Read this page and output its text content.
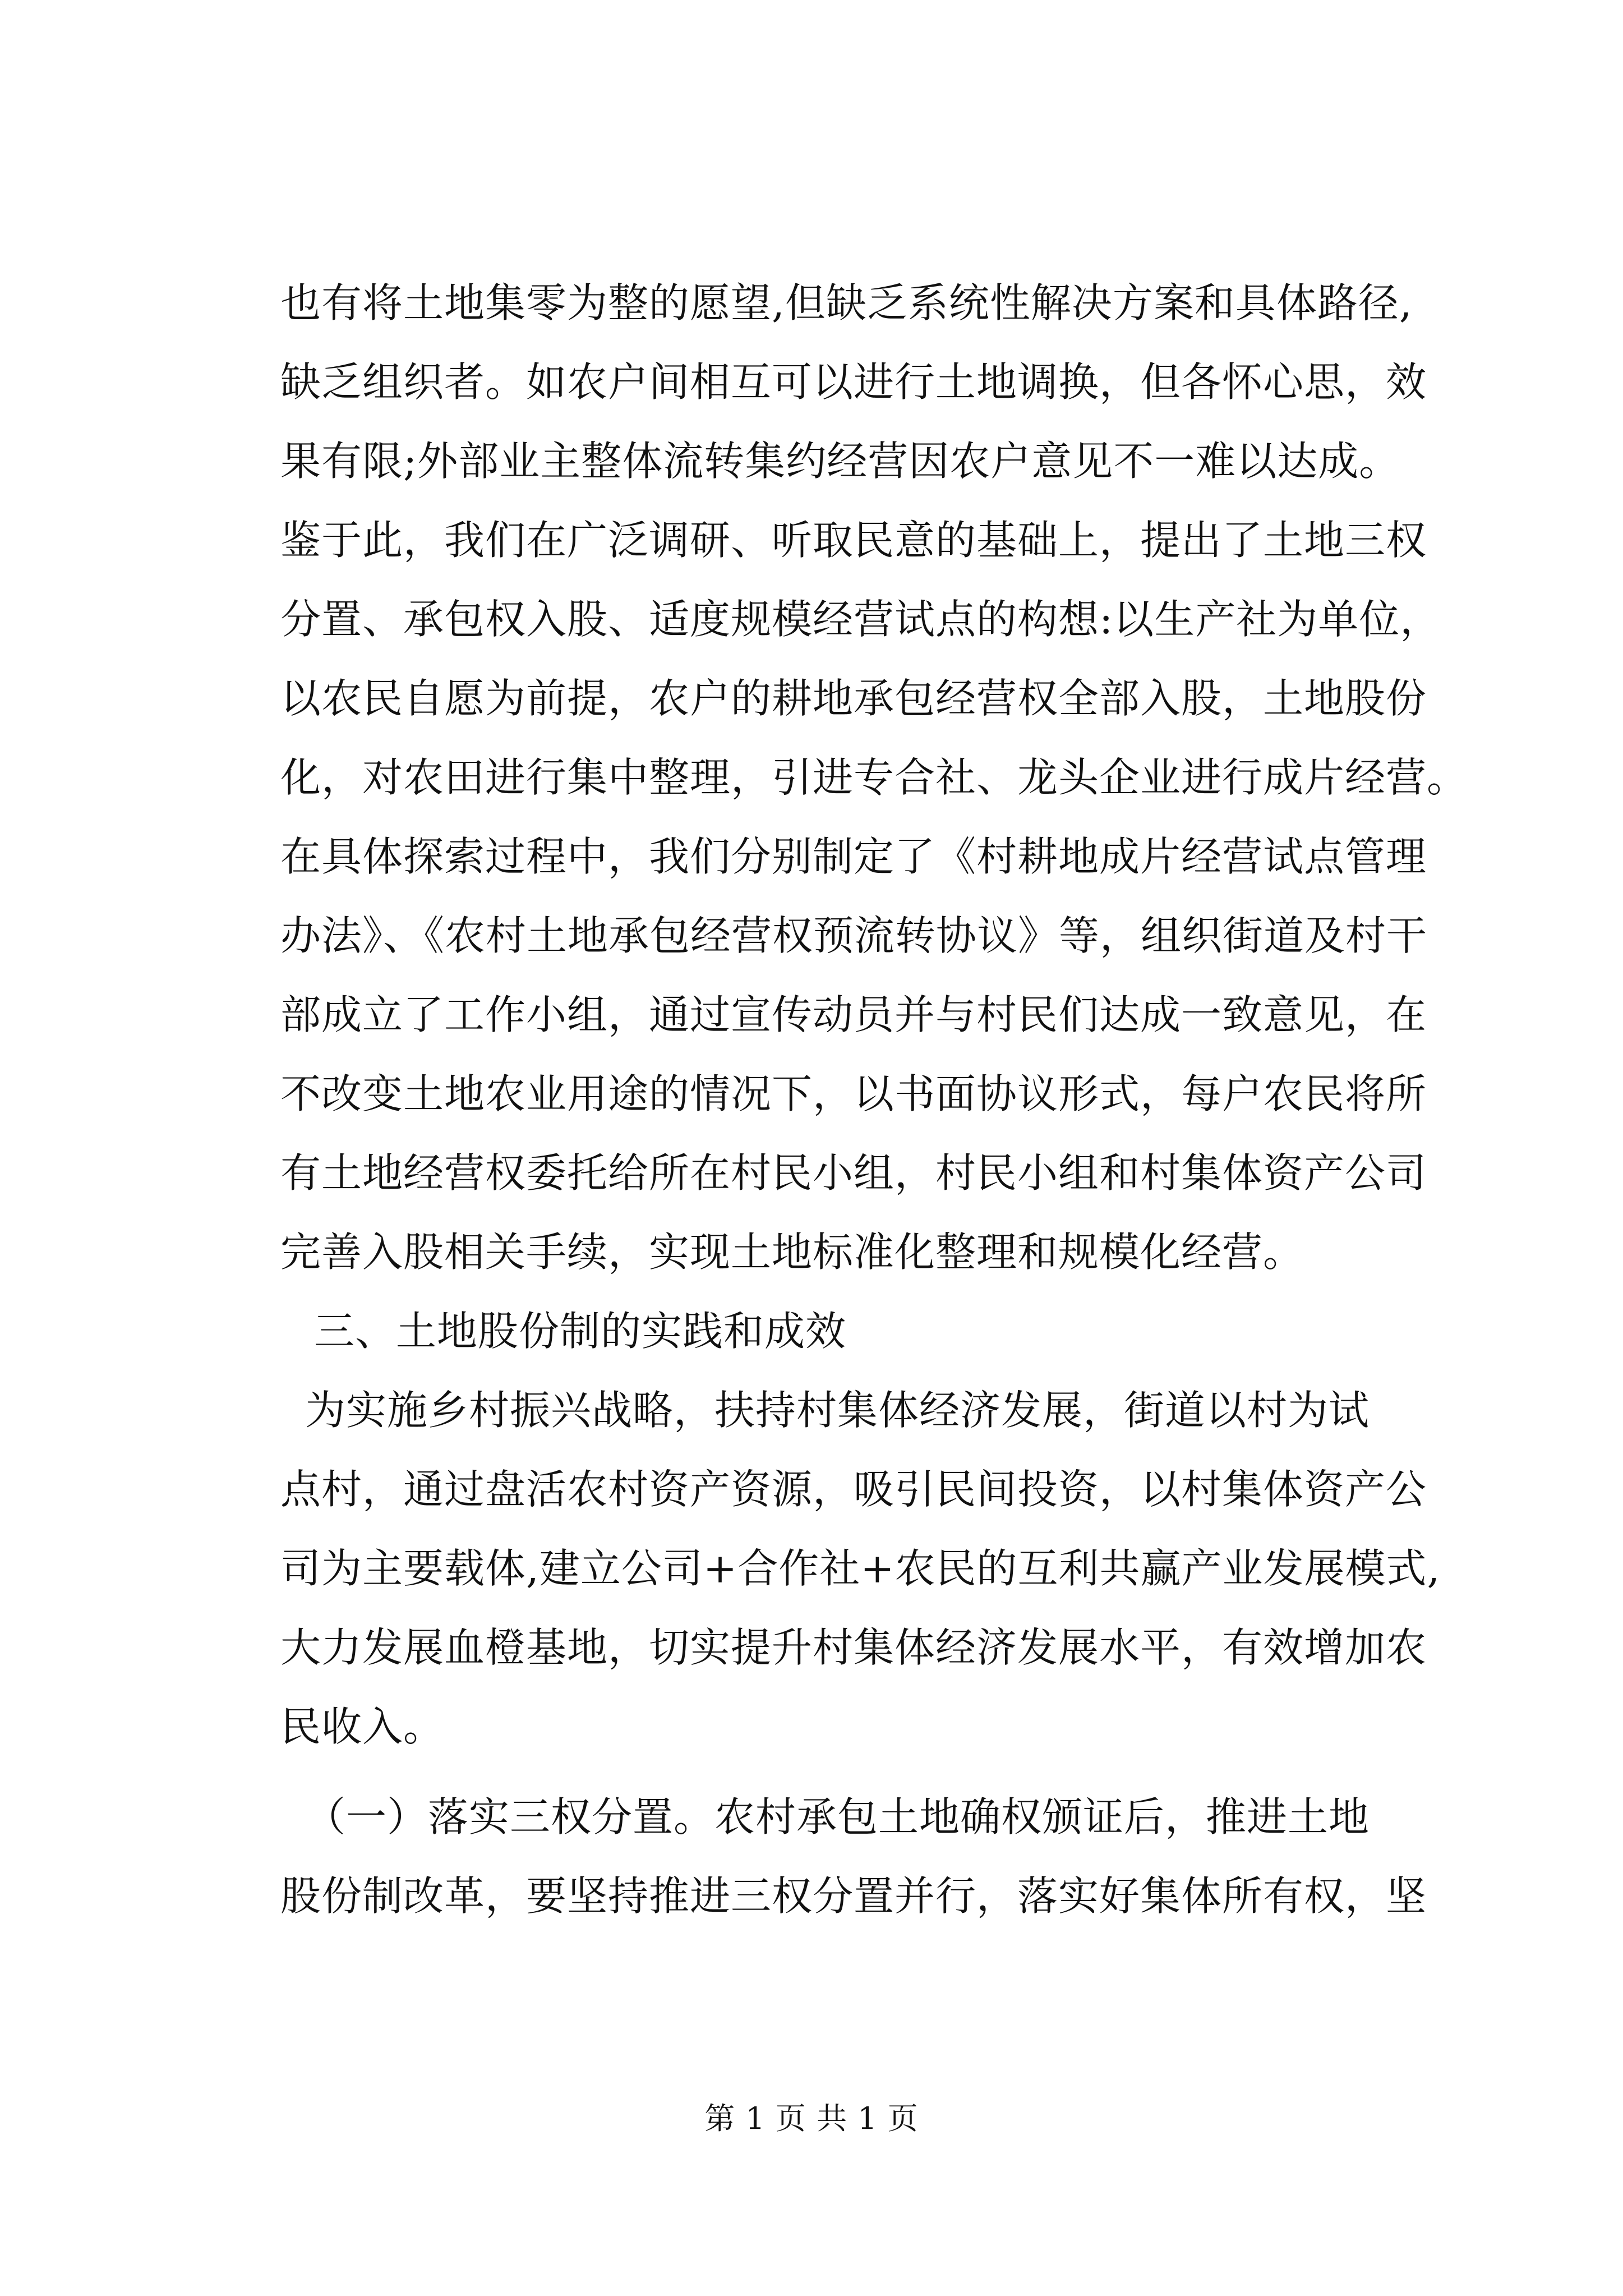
也有将土地集零为整的愿望,但缺乏系统性解决方案和具体路径,
缺乏组织者。如农户间相互可以进行土地调换，但各怀心思，效
果有限;外部业主整体流转集约经营因农户意见不一难以达成。
鉴于此，我们在广泛调研、听取民意的基础上，提出了土地三权
分置、承包权入股、适度规模经营试点的构想:以生产社为单位，
以农民自愿为前提，农户的耕地承包经营权全部入股，土地股份
化，对农田进行集中整理，引进专合社、龙头企业进行成片经营。
在具体探索过程中，我们分别制定了《村耕地成片经营试点管理
办法》、《农村土地承包经营权预流转协议》等，组织街道及村干
部成立了工作小组，通过宣传动员并与村民们达成一致意见，在
不改变土地农业用途的情况下，以书面协议形式，每户农民将所
有土地经营权委托给所在村民小组，村民小组和村集体资产公司
完善入股相关手续，实现土地标准化整理和规模化经营。
三、土地股份制的实践和成效
为实施乡村振兴战略，扶持村集体经济发展，街道以村为试
点村，通过盘活农村资产资源，吸引民间投资，以村集体资产公
司为主要载体,建立公司+合作社+农民的互利共赢产业发展模式,
大力发展血橙基地，切实提升村集体经济发展水平，有效增加农
民收入。
（一）落实三权分置。农村承包土地确权颁证后，推进土地
股份制改革，要坚持推进三权分置并行，落实好集体所有权，坚
第 1 页 共 1 页
